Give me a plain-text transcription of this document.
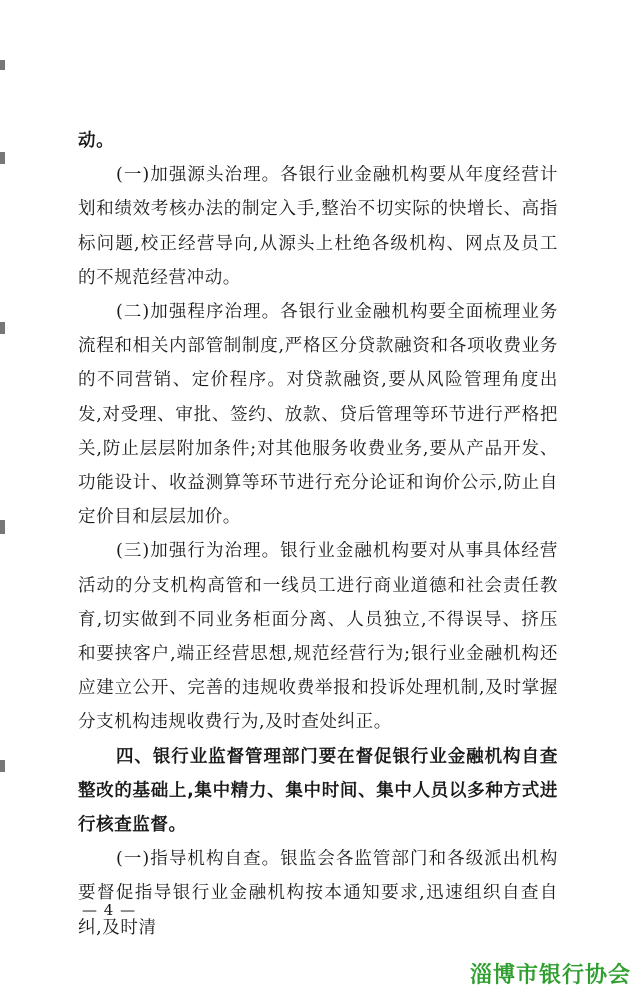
动。

(一)加强源头治理。各银行业金融机构要从年度经营计划和绩效考核办法的制定入手,整治不切实际的快增长、高指标问题,校正经营导向,从源头上杜绝各级机构、网点及员工的不规范经营冲动。

(二)加强程序治理。各银行业金融机构要全面梳理业务流程和相关内部管制制度,严格区分贷款融资和各项收费业务的不同营销、定价程序。对贷款融资,要从风险管理角度出发,对受理、审批、签约、放款、贷后管理等环节进行严格把关,防止层层附加条件;对其他服务收费业务,要从产品开发、功能设计、收益测算等环节进行充分论证和询价公示,防止自定价目和层层加价。

(三)加强行为治理。银行业金融机构要对从事具体经营活动的分支机构高管和一线员工进行商业道德和社会责任教育,切实做到不同业务柜面分离、人员独立,不得误导、挤压和要挟客户,端正经营思想,规范经营行为;银行业金融机构还应建立公开、完善的违规收费举报和投诉处理机制,及时掌握分支机构违规收费行为,及时查处纠正。

四、银行业监督管理部门要在督促银行业金融机构自查整改的基础上,集中精力、集中时间、集中人员以多种方式进行核查监督。

(一)指导机构自查。银监会各监管部门和各级派出机构要督促指导银行业金融机构按本通知要求,迅速组织自查自纠,及时清

— 4 —
淄博市银行协会
